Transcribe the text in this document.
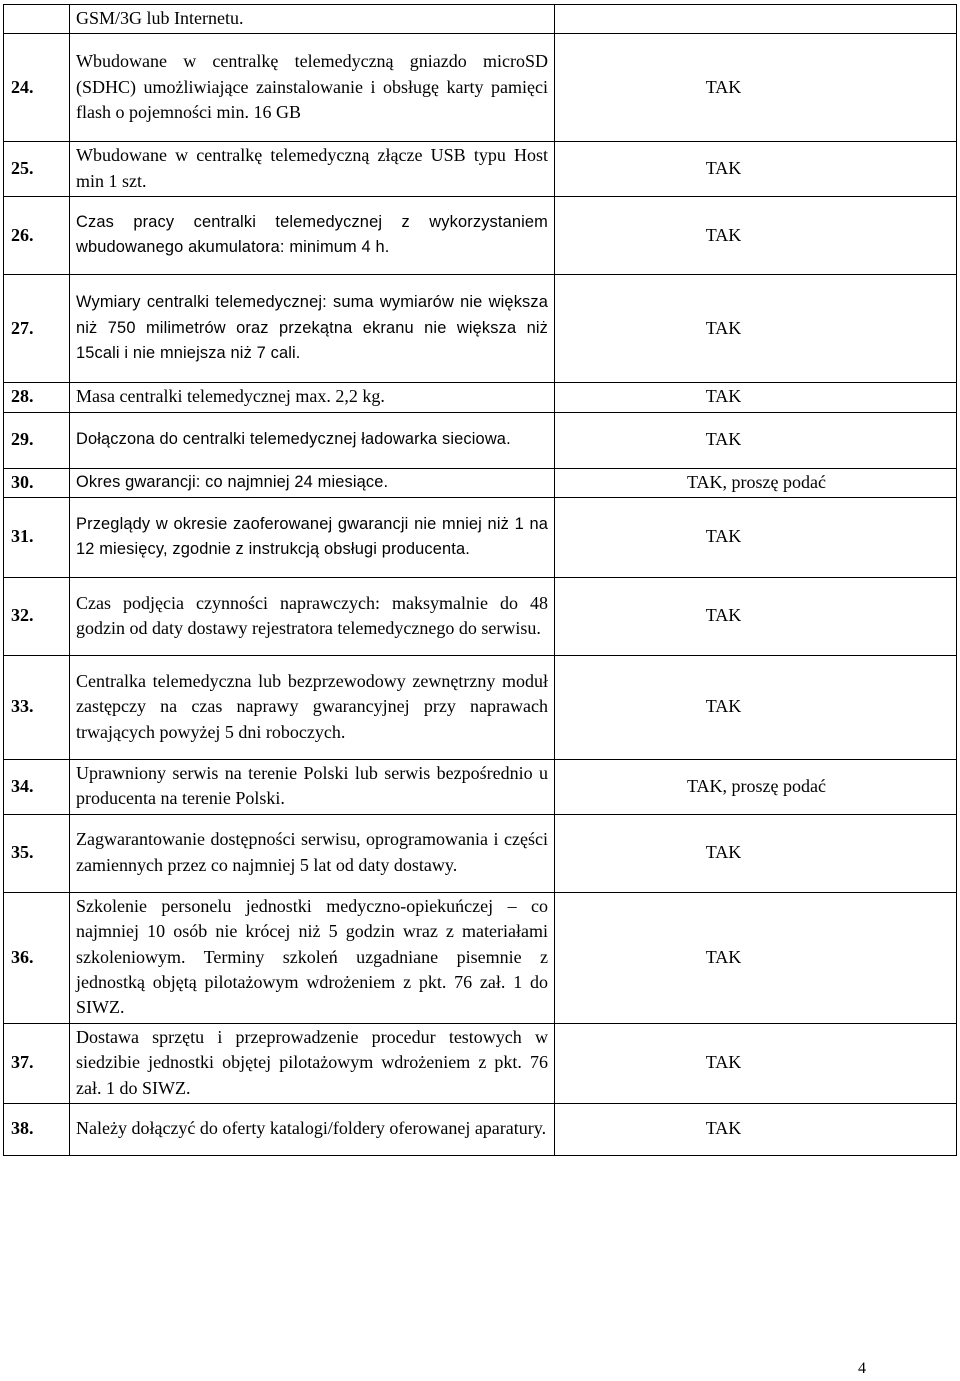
	GSM/3G lub Internetu.	
24.	Wbudowane w centralkę telemedyczną gniazdo microSD (SDHC) umożliwiające zainstalowanie i obsługę karty pamięci flash o pojemności min. 16 GB	TAK
25.	Wbudowane w centralkę telemedyczną złącze USB typu Host min 1 szt.	TAK
26.	Czas pracy centralki telemedycznej z wykorzystaniem wbudowanego akumulatora: minimum 4 h.	TAK
27.	Wymiary centralki telemedycznej: suma wymiarów nie większa niż 750 milimetrów oraz przekątna ekranu nie większa niż 15cali i nie mniejsza niż 7 cali.	TAK
28.	Masa centralki telemedycznej max. 2,2 kg.	TAK
29.	Dołączona do centralki telemedycznej ładowarka sieciowa.	TAK
30.	Okres gwarancji: co najmniej 24 miesiące.	TAK, proszę podać
31.	Przeglądy w okresie zaoferowanej gwarancji nie mniej niż 1 na 12 miesięcy, zgodnie z instrukcją obsługi producenta.	TAK
32.	Czas podjęcia czynności naprawczych: maksymalnie do 48 godzin od daty dostawy rejestratora telemedycznego do serwisu.	TAK
33.	Centralka telemedyczna lub bezprzewodowy zewnętrzny moduł zastępczy na czas naprawy gwarancyjnej przy naprawach trwających powyżej 5 dni roboczych.	TAK
34.	Uprawniony serwis na terenie Polski lub serwis bezpośrednio u producenta na terenie Polski.	TAK, proszę podać
35.	Zagwarantowanie dostępności serwisu, oprogramowania i części zamiennych przez co najmniej 5 lat od daty dostawy.	TAK
36.	Szkolenie personelu jednostki medyczno-opiekuńczej – co najmniej 10 osób nie krócej niż 5 godzin wraz z materiałami szkoleniowym. Terminy szkoleń uzgadniane pisemnie z jednostką objętą pilotażowym wdrożeniem z pkt. 76 zał. 1 do SIWZ.	TAK
37.	Dostawa sprzętu i przeprowadzenie procedur testowych w siedzibie jednostki objętej pilotażowym wdrożeniem z pkt. 76 zał. 1 do SIWZ.	TAK
38.	Należy dołączyć do oferty katalogi/foldery oferowanej aparatury.	TAK
4
